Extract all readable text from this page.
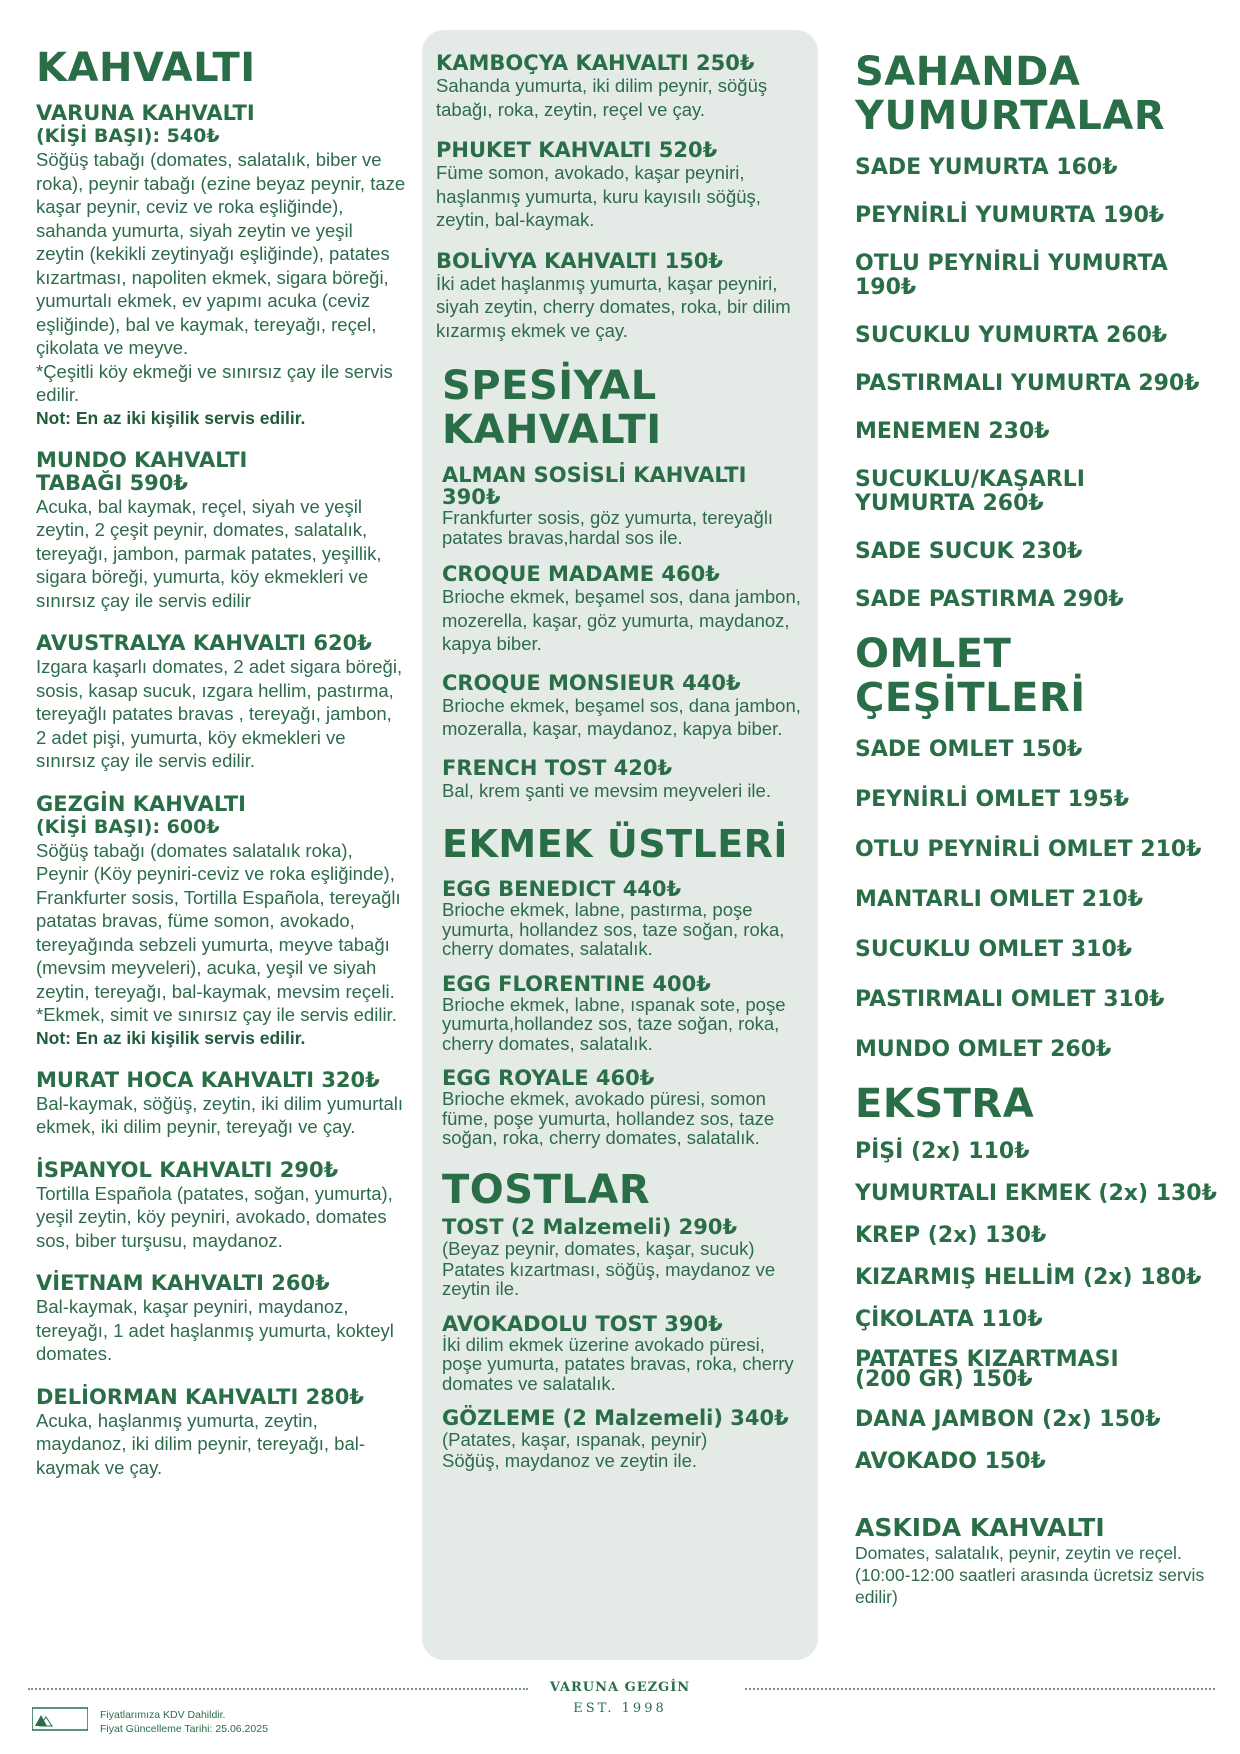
KAHVALTI
VARUNA KAHVALTI
(KİŞİ BAŞI): 540₺
Söğüş tabağı (domates, salatalık, biber ve roka), peynir tabağı (ezine beyaz peynir, taze kaşar peynir, ceviz ve roka eşliğinde), sahanda yumurta, siyah zeytin ve yeşil zeytin (kekikli zeytinyağı eşliğinde), patates kızartması, napoliten ekmek, sigara böreği, yumurtalı ekmek, ev yapımı acuka (ceviz eşliğinde), bal ve kaymak, tereyağı, reçel, çikolata ve meyve.
*Çeşitli köy ekmeği ve sınırsız çay ile servis edilir.
Not: En az iki kişilik servis edilir.
MUNDO KAHVALTI
TABAĞI 590₺
Acuka, bal kaymak, reçel, siyah ve yeşil zeytin, 2 çeşit peynir, domates, salatalık, tereyağı, jambon, parmak patates, yeşillik, sigara böreği, yumurta, köy ekmekleri ve sınırsız çay ile servis edilir
AVUSTRALYA KAHVALTI 620₺
Izgara kaşarlı domates, 2 adet sigara böreği, sosis, kasap sucuk, ızgara hellim, pastırma, tereyağlı patates bravas , tereyağı, jambon, 2 adet pişi, yumurta, köy ekmekleri ve sınırsız çay ile servis edilir.
GEZGİN KAHVALTI
(KİŞİ BAŞI): 600₺
Söğüş tabağı (domates salatalık roka), Peynir (Köy peyniri-ceviz ve roka eşliğinde), Frankfurter sosis, Tortilla Española, tereyağlı patatas bravas, füme somon, avokado, tereyağında sebzeli yumurta, meyve tabağı (mevsim meyveleri), acuka, yeşil ve siyah zeytin, tereyağı, bal-kaymak, mevsim reçeli.
*Ekmek, simit ve sınırsız çay ile servis edilir.
Not: En az iki kişilik servis edilir.
MURAT HOCA KAHVALTI 320₺
Bal-kaymak, söğüş, zeytin, iki dilim yumurtalı ekmek, iki dilim peynir, tereyağı ve çay.
İSPANYOL KAHVALTI 290₺
Tortilla Española (patates, soğan, yumurta), yeşil zeytin, köy peyniri, avokado, domates sos, biber turşusu, maydanoz.
VİETNAM KAHVALTI 260₺
Bal-kaymak, kaşar peyniri, maydanoz, tereyağı, 1 adet haşlanmış yumurta, kokteyl domates.
DELİORMAN KAHVALTI 280₺
Acuka, haşlanmış yumurta, zeytin, maydanoz, iki dilim peynir, tereyağı, bal-kaymak ve çay.
KAMBOÇYA KAHVALTI 250₺
Sahanda yumurta, iki dilim peynir, söğüş tabağı, roka, zeytin, reçel ve çay.
PHUKET KAHVALTI 520₺
Füme somon, avokado, kaşar peyniri, haşlanmış yumurta, kuru kayısılı söğüş, zeytin, bal-kaymak.
BOLİVYA KAHVALTI 150₺
İki adet haşlanmış yumurta, kaşar peyniri, siyah zeytin, cherry domates, roka, bir dilim kızarmış ekmek ve çay.
SPESİYAL KAHVALTI
ALMAN SOSİSLİ KAHVALTI
390₺
Frankfurter sosis, göz yumurta, tereyağlı patates bravas,hardal sos ile.
CROQUE MADAME 460₺
Brioche ekmek, beşamel sos, dana jambon, mozerella, kaşar, göz yumurta, maydanoz, kapya biber.
CROQUE MONSIEUR 440₺
Brioche ekmek, beşamel sos, dana jambon, mozeralla, kaşar, maydanoz, kapya biber.
FRENCH TOST 420₺
Bal, krem şanti ve mevsim meyveleri ile.
EKMEK ÜSTLERİ
EGG BENEDICT 440₺
Brioche ekmek, labne, pastırma, poşe yumurta, hollandez sos, taze soğan, roka, cherry domates, salatalık.
EGG FLORENTINE 400₺
Brioche ekmek, labne, ıspanak sote, poşe yumurta,hollandez sos, taze soğan, roka, cherry domates, salatalık.
EGG ROYALE 460₺
Brioche ekmek, avokado püresi, somon füme, poşe yumurta, hollandez sos, taze soğan, roka, cherry domates, salatalık.
TOSTLAR
TOST (2 Malzemeli) 290₺
(Beyaz peynir, domates, kaşar, sucuk)
Patates kızartması, söğüş, maydanoz ve zeytin ile.
AVOKADOLU TOST 390₺
İki dilim ekmek üzerine avokado püresi, poşe yumurta, patates bravas, roka, cherry domates ve salatalık.
GÖZLEME (2 Malzemeli) 340₺
(Patates, kaşar, ıspanak, peynir)
Söğüş, maydanoz ve zeytin ile.
SAHANDA YUMURTALAR
SADE YUMURTA 160₺
PEYNİRLİ YUMURTA 190₺
OTLU PEYNİRLİ YUMURTA 190₺
SUCUKLU YUMURTA 260₺
PASTIRMALI YUMURTA 290₺
MENEMEN 230₺
SUCUKLU/KAŞARLI YUMURTA 260₺
SADE SUCUK 230₺
SADE PASTIRMA 290₺
OMLET ÇEŞİTLERİ
SADE OMLET 150₺
PEYNİRLİ OMLET 195₺
OTLU PEYNİRLİ OMLET 210₺
MANTARLI OMLET 210₺
SUCUKLU OMLET 310₺
PASTIRMALI OMLET 310₺
MUNDO OMLET 260₺
EKSTRA
PİŞİ (2x) 110₺
YUMURTALI EKMEK (2x) 130₺
KREP (2x) 130₺
KIZARMIŞ HELLİM (2x) 180₺
ÇİKOLATA 110₺
PATATES KIZARTMASI (200 GR) 150₺
DANA JAMBON (2x) 150₺
AVOKADO 150₺
ASKIDA KAHVALTI
Domates, salatalık, peynir, zeytin ve reçel. (10:00-12:00 saatleri arasında ücretsiz servis edilir)
VARUNA GEZGİN
EST. 1998
Fiyatlarımıza KDV Dahildir.
Fiyat Güncelleme Tarihi: 25.06.2025
